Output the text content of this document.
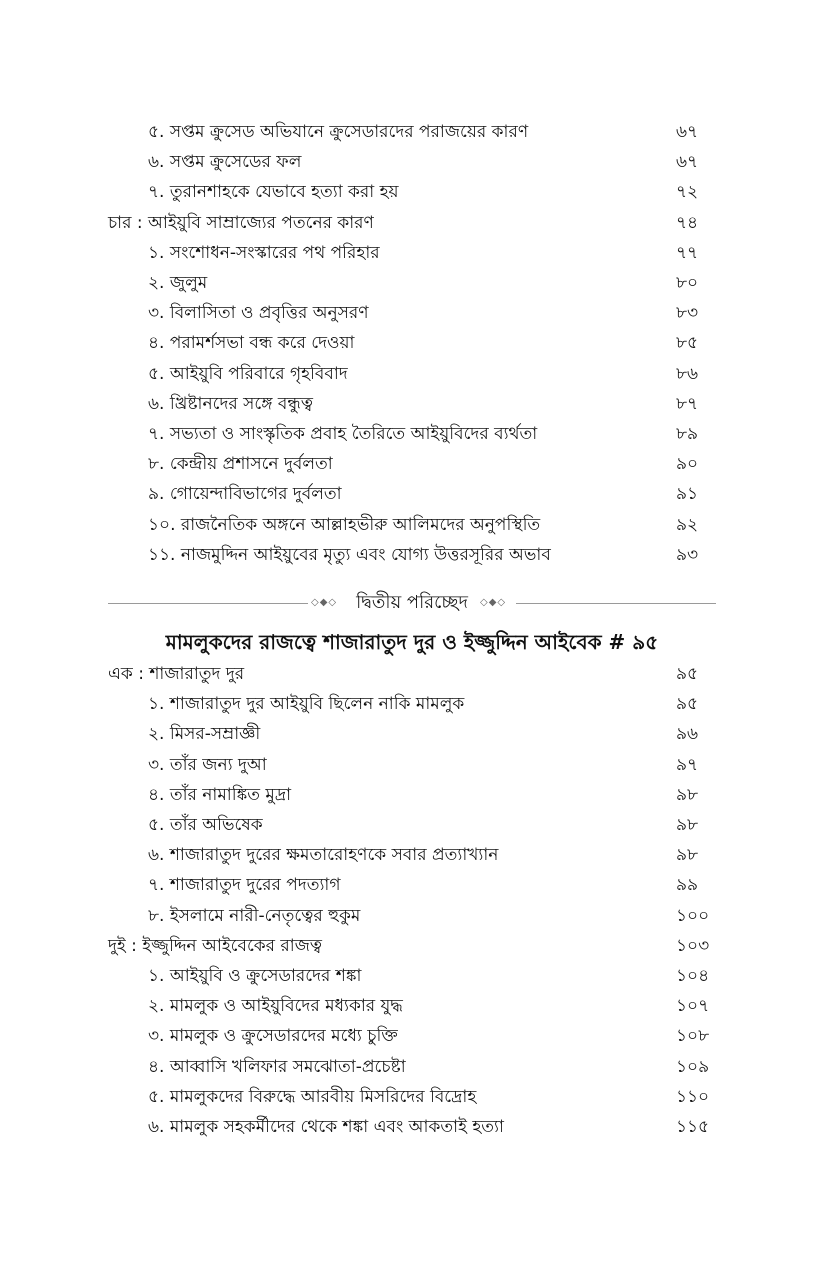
৫. সপ্তম ক্রুসেড অভিযানে ক্রুসেডারদের পরাজয়ের কারণ	৬৭
৬. সপ্তম ক্রুসেডের ফল	৬৭
৭. তুরানশাহকে যেভাবে হত্যা করা হয়	৭২
চার : আইয়ুবি সাম্রাজ্যের পতনের কারণ	৭৪
১. সংশোধন-সংস্কারের পথ পরিহার	৭৭
২. জুলুম	৮০
৩. বিলাসিতা ও প্রবৃত্তির অনুসরণ	৮৩
৪. পরামর্শসভা বন্ধ করে দেওয়া	৮৫
৫. আইয়ুবি পরিবারে গৃহবিবাদ	৮৬
৬. খ্রিষ্টানদের সঙ্গে বন্ধুত্ব	৮৭
৭. সভ্যতা ও সাংস্কৃতিক প্রবাহ তৈরিতে আইয়ুবিদের ব্যর্থতা	৮৯
৮. কেন্দ্রীয় প্রশাসনে দুর্বলতা	৯০
৯. গোয়েন্দাবিভাগের দুর্বলতা	৯১
১০. রাজনৈতিক অঙ্গনে আল্লাহভীরু আলিমদের অনুপস্থিতি	৯২
১১. নাজমুদ্দিন আইয়ুবের মৃত্যু এবং যোগ্য উত্তরসূরির অভাব	৯৩
◇◆◇	দ্বিতীয় পরিচ্ছেদ	◇◆◇
মামলুকদের রাজত্বে শাজারাতুদ দুর ও ইজ্জুদ্দিন আইবেক # ৯৫
এক : শাজারাতুদ দুর	৯৫
১. শাজারাতুদ দুর আইয়ুবি ছিলেন নাকি মামলুক	৯৫
২. মিসর-সম্রাজ্ঞী	৯৬
৩. তাঁর জন্য দুআ	৯৭
৪. তাঁর নামাঙ্কিত মুদ্রা	৯৮
৫. তাঁর অভিষেক	৯৮
৬. শাজারাতুদ দুরের ক্ষমতারোহণকে সবার প্রত্যাখ্যান	৯৮
৭. শাজারাতুদ দুরের পদত্যাগ	৯৯
৮. ইসলামে নারী-নেতৃত্বের হুকুম	১০০
দুই : ইজ্জুদ্দিন আইবেকের রাজত্ব	১০৩
১. আইয়ুবি ও ক্রুসেডারদের শঙ্কা	১০৪
২. মামলুক ও আইয়ুবিদের মধ্যকার যুদ্ধ	১০৭
৩. মামলুক ও ক্রুসেডারদের মধ্যে চুক্তি	১০৮
৪. আব্বাসি খলিফার সমঝোতা-প্রচেষ্টা	১০৯
৫. মামলুকদের বিরুদ্ধে আরবীয় মিসরিদের বিদ্রোহ	১১০
৬. মামলুক সহকর্মীদের থেকে শঙ্কা এবং আকতাই হত্যা	১১৫
